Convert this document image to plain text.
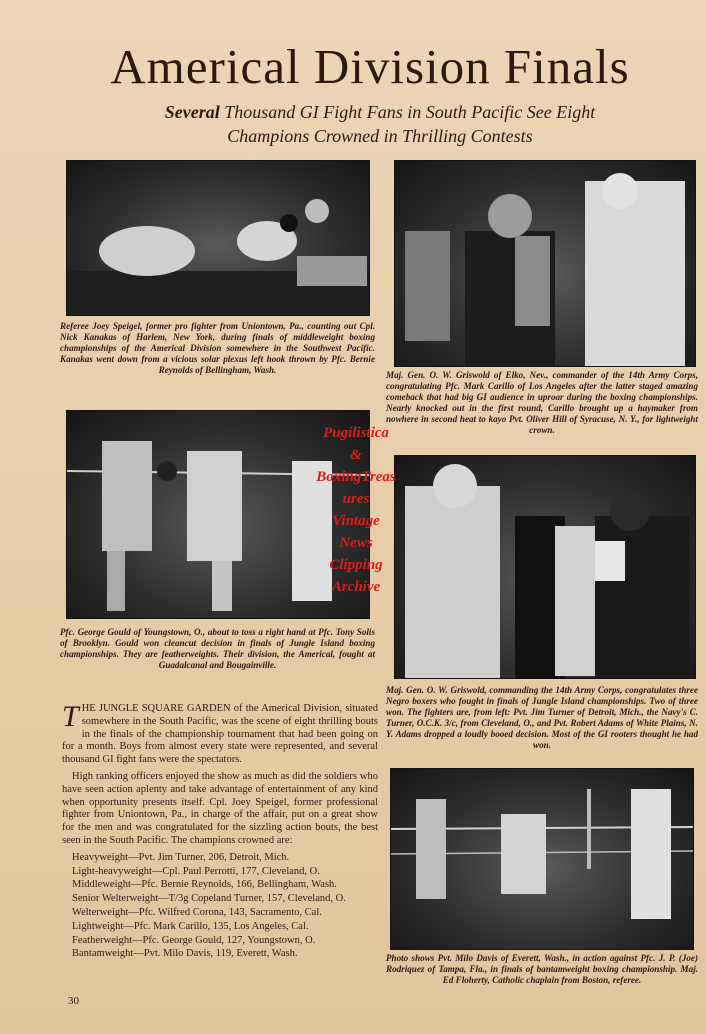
Americal Division Finals
Several Thousand GI Fight Fans in South Pacific See Eight
Champions Crowned in Thrilling Contests
Referee Joey Speigel, former pro fighter from Uniontown, Pa., counting out Cpl. Nick Kanakas of Harlem, New York, during finals of middleweight boxing championships of the Americal Division somewhere in the Southwest Pacific. Kanakas went down from a vicious solar plexus left hook thrown by Pfc. Bernie Reynolds of Bellingham, Wash.	Maj. Gen. O. W. Griswold of Elko, Nev., commander of the 14th Army Corps, congratulating Pfc. Mark Carillo of Los Angeles after the latter staged amazing comeback that had big GI audience in uproar during the boxing championships. Nearly knocked out in the first round, Carillo brought up a haymaker from nowhere in second heat to kayo Pvt. Oliver Hill of Syracuse, N. Y., for lightweight crown.
Pfc. George Gould of Youngstown, O., about to toss a right hand at Pfc. Tony Solis of Brooklyn. Gould won cleancut decision in finals of Jungle Island boxing championships. They are featherweights. Their division, the Americal, fought at Guadalcanal and Bougainville.
Maj. Gen. O. W. Griswold, commanding the 14th Army Corps, congratulates three Negro boxers who fought in finals of Jungle Island championships. Two of three won. The fighters are, from left: Pvt. Jim Turner of Detroit, Mich., the Navy's C. Turner, O.C.K. 3/c, from Cleveland, O., and Pvt. Robert Adams of White Plains, N. Y. Adams dropped a loudly booed decision. Most of the GI rooters thought he had won.
Photo shows Pvt. Milo Davis of Everett, Wash., in action against Pfc. J. P. (Joe) Rodriquez of Tampa, Fla., in finals of bantamweight boxing championship. Maj. Ed Floherty, Catholic chaplain from Boston, referee.

THE JUNGLE SQUARE GARDEN of the Americal Division, situated somewhere in the South Pacific, was the scene of eight thrilling bouts in the finals of the championship tournament that had been going on for a month. Boys from almost every state were represented, and several thousand GI fight fans were the spectators.

High ranking officers enjoyed the show as much as did the soldiers who have seen action aplenty and take advantage of entertainment of any kind when opportunity presents itself. Cpl. Joey Speigel, former professional fighter from Uniontown, Pa., in charge of the affair, put on a great show for the men and was congratulated for the sizzling action bouts, the best seen in the South Pacific. The champions crowned are:

Heavyweight—Pvt. Jim Turner, 206, Detroit, Mich.
Light-heavyweight—Cpl. Paul Perrotti, 177, Cleveland, O.
Middleweight—Pfc. Bernie Reynolds, 166, Bellingham, Wash.
Senior Welterweight—T/3g Copeland Turner, 157, Cleveland, O.
Welterweight—Pfc. Wilfred Corona, 143, Sacramento, Cal.
Lightweight—Pfc. Mark Carillo, 135, Los Angeles, Cal.
Featherweight—Pfc. George Gould, 127, Youngstown, O.
Bantamweight—Pvt. Milo Davis, 119, Everett, Wash.
30
Pugilistica
&
BoxingTreas
ures
Vintage
News
Clipping
Archive
